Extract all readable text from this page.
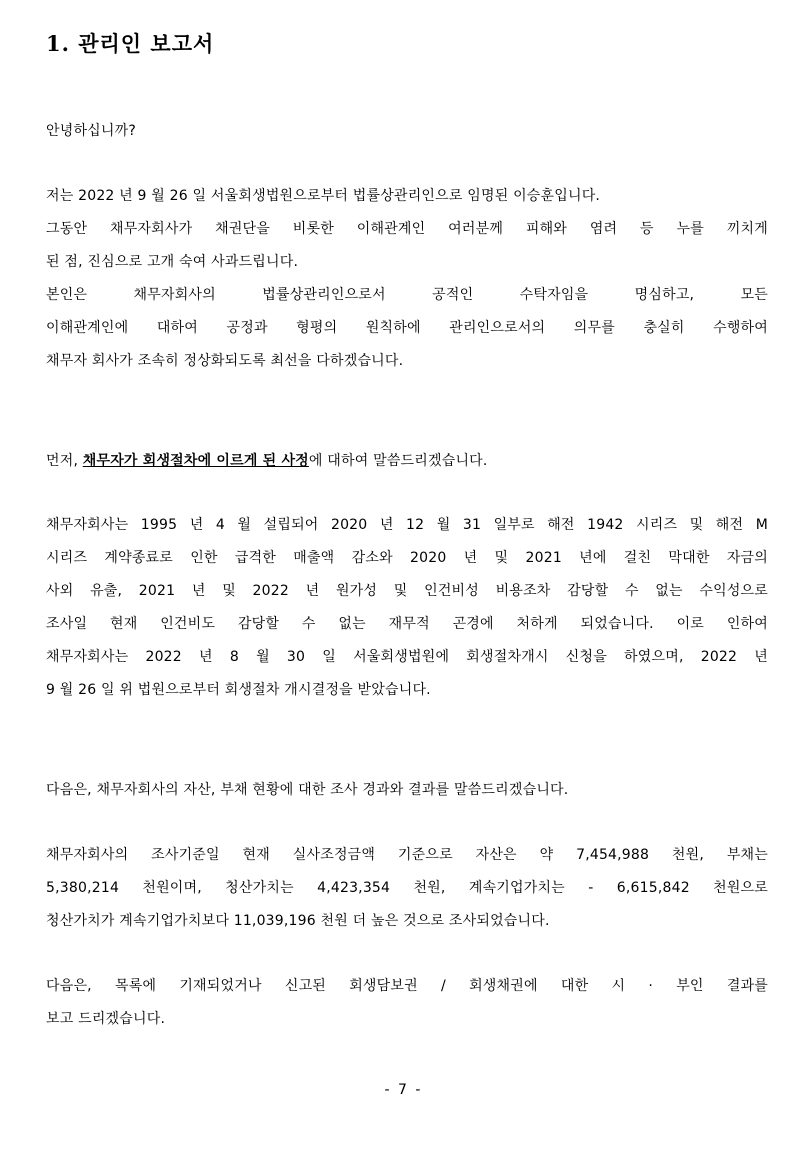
1. 관리인 보고서

안녕하십니까?

저는 2022 년 9 월 26 일 서울회생법원으로부터 법률상관리인으로 임명된 이승훈입니다.

그동안 채무자회사가 채권단을 비롯한 이해관계인 여러분께 피해와 염려 등 누를 끼치게

된 점, 진심으로 고개 숙여 사과드립니다.

본인은 채무자회사의 법률상관리인으로서 공적인 수탁자임을 명심하고, 모든

이해관계인에 대하여 공정과 형평의 원칙하에 관리인으로서의 의무를 충실히 수행하여

채무자 회사가 조속히 정상화되도록 최선을 다하겠습니다.

먼저, 채무자가 회생절차에 이르게 된 사정에 대하여 말씀드리겠습니다.

채무자회사는 1995 년 4 월 설립되어 2020 년 12 월 31 일부로 해전 1942 시리즈 및 해전 M

시리즈 계약종료로 인한 급격한 매출액 감소와 2020 년 및 2021 년에 걸친 막대한 자금의

사외 유출, 2021 년 및 2022 년 원가성 및 인건비성 비용조차 감당할 수 없는 수익성으로

조사일 현재 인건비도 감당할 수 없는 재무적 곤경에 처하게 되었습니다. 이로 인하여

채무자회사는 2022 년 8 월 30 일 서울회생법원에 회생절차개시 신청을 하였으며, 2022 년

9 월 26 일 위 법원으로부터 회생절차 개시결정을 받았습니다.

다음은, 채무자회사의 자산, 부채 현황에 대한 조사 경과와 결과를 말씀드리겠습니다.

채무자회사의 조사기준일 현재 실사조정금액 기준으로 자산은 약 7,454,988 천원, 부채는

5,380,214 천원이며, 청산가치는 4,423,354 천원, 계속기업가치는 - 6,615,842 천원으로

청산가치가 계속기업가치보다 11,039,196 천원 더 높은 것으로 조사되었습니다.

다음은, 목록에 기재되었거나 신고된 회생담보권 / 회생채권에 대한 시 · 부인 결과를

보고 드리겠습니다.

- 7 -
